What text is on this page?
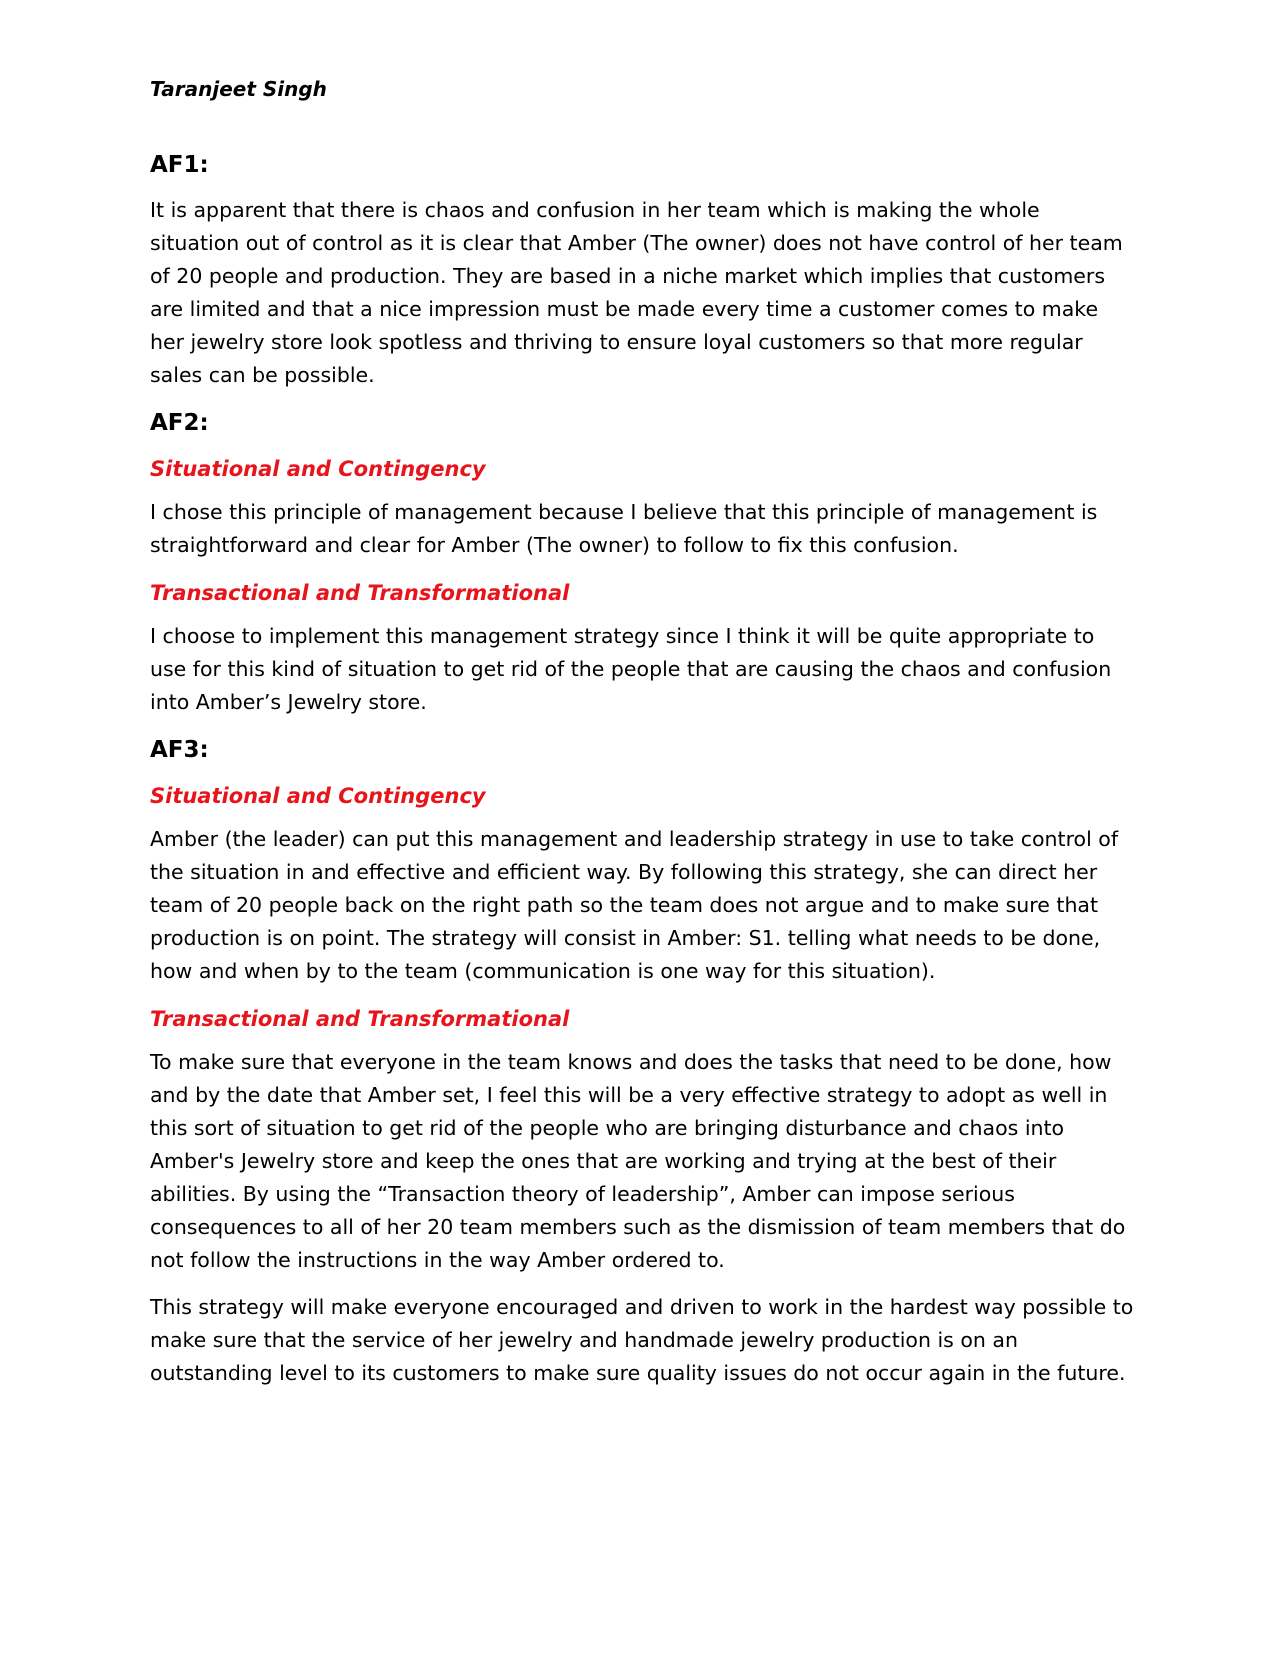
Taranjeet Singh
AF1:

It is apparent that there is chaos and confusion in her team which is making the whole situation out of control as it is clear that Amber (The owner) does not have control of her team of 20 people and production. They are based in a niche market which implies that customers are limited and that a nice impression must be made every time a customer comes to make her jewelry store look spotless and thriving to ensure loyal customers so that more regular sales can be possible.

AF2:
Situational and Contingency

I chose this principle of management because I believe that this principle of management is straightforward and clear for Amber (The owner) to follow to fix this confusion.

Transactional and Transformational

I choose to implement this management strategy since I think it will be quite appropriate to use for this kind of situation to get rid of the people that are causing the chaos and confusion into Amber’s Jewelry store.

AF3:
Situational and Contingency

Amber (the leader) can put this management and leadership strategy in use to take control of the situation in and effective and efficient way. By following this strategy, she can direct her team of 20 people back on the right path so the team does not argue and to make sure that production is on point. The strategy will consist in Amber: S1. telling what needs to be done, how and when by to the team (communication is one way for this situation).

Transactional and Transformational

To make sure that everyone in the team knows and does the tasks that need to be done, how and by the date that Amber set, I feel this will be a very effective strategy to adopt as well in this sort of situation to get rid of the people who are bringing disturbance and chaos into Amber's Jewelry store and keep the ones that are working and trying at the best of their abilities. By using the “Transaction theory of leadership”, Amber can impose serious consequences to all of her 20 team members such as the dismission of team members that do not follow the instructions in the way Amber ordered to.

This strategy will make everyone encouraged and driven to work in the hardest way possible to make sure that the service of her jewelry and handmade jewelry production is on an outstanding level to its customers to make sure quality issues do not occur again in the future.
